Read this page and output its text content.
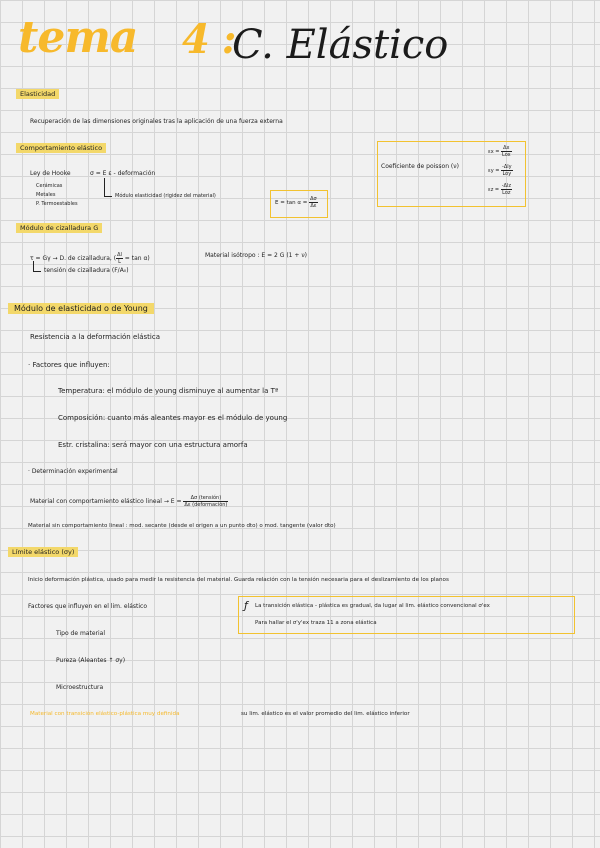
tema 4 :
C. Elástico
Elasticidad
Recuperación de las dimensiones originales tras la aplicación de una fuerza externa
Comportamiento elástico
Ley de Hooke	σ = E ε - deformación
Cerámicas
Metales
P. Termoestables
Módulo elasticidad (rigidez del material)
$E = \tan \alpha = \frac{\Delta\sigma}{\Delta\varepsilon}$
Coeficiente de poisson (ν)
$\varepsilon x = \frac{\Delta x}{\text{Lox}}$
$\varepsilon y = \frac{\text{-Δly}}{\text{Loy}}$
$\varepsilon z = \frac{\text{-Δlz}}{\text{Loz}}$
Módulo de cizalladura G
τ = Gγ → D. de cizalladura, ( $\frac{\Delta l}{L} = \tan \alpha$)	Material isótropo : E = 2 G (1 + ν)
tensión de cizalladura (F/A₀)
Módulo de elasticidad o de Young
Resistencia a la deformación elástica
· Factores que influyen:
Temperatura: el módulo de young disminuye al aumentar la Tª
Composición: cuanto más aleantes mayor es el módulo de young
Estr. cristalina: será mayor con una estructura amorfa
· Determinación experimental
Material con comportamiento elástico lineal → $E = \frac{\text{Δσ (tensión)}}{\text{Δε (deformación)}}$
Material sin comportamiento lineal : mod. secante (desde el origen a un punto dto) o mod. tangente (valor dto)
Límite elástico (σy)
Inicio deformación plástica, usado para medir la resistencia del material. Guarda relación con la tensión necesaria para el deslizamiento de los planos
Factores que influyen en el lim. elástico	ƒ La transición elástica - plástica es gradual, da lugar al lim. elástico convencional σ'ex
Para hallar el σ'y'ex traza 11 a zona elástica
Tipo de material
Pureza (Aleantes ↑ σy)
Microestructura
Material con transición elástico-plástica muy definida	su lim. elástico es el valor promedio del lim. elástico inferior
